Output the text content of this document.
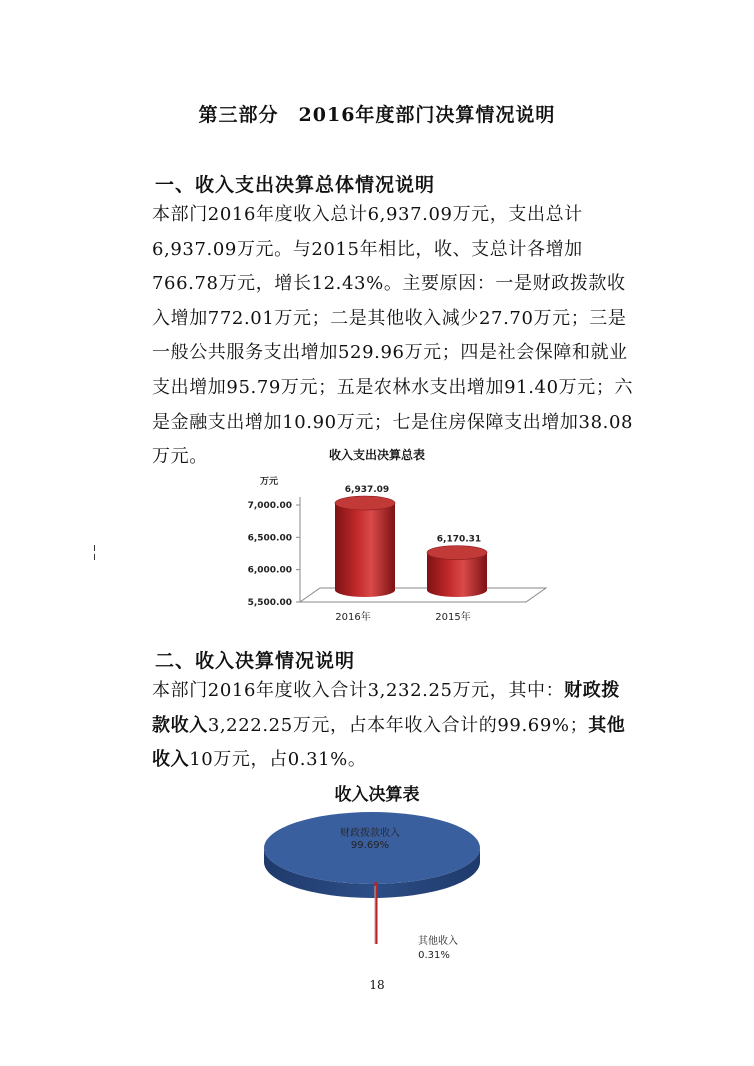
第三部分　2016年度部门决算情况说明
一、收入支出决算总体情况说明
本部门2016年度收入总计6,937.09万元，支出总计6,937.09万元。与2015年相比，收、支总计各增加766.78万元，增长12.43%。主要原因：一是财政拨款收入增加772.01万元；二是其他收入减少27.70万元；三是一般公共服务支出增加529.96万元；四是社会保障和就业支出增加95.79万元；五是农林水支出增加91.40万元；六是金融支出增加10.90万元；七是住房保障支出增加38.08万元。	收入支出决算总表
7,000.00
6,500.00
6,000.00
5,500.00
万元
6,937.09
2016年
6,170.31
2015年
二、收入决算情况说明
本部门2016年度收入合计3,232.25万元，其中：财政拨款收入3,222.25万元，占本年收入合计的99.69%；其他收入10万元，占0.31%。
收入决算表
财政拨款收入
99.69%
其他收入
0.31%
18
